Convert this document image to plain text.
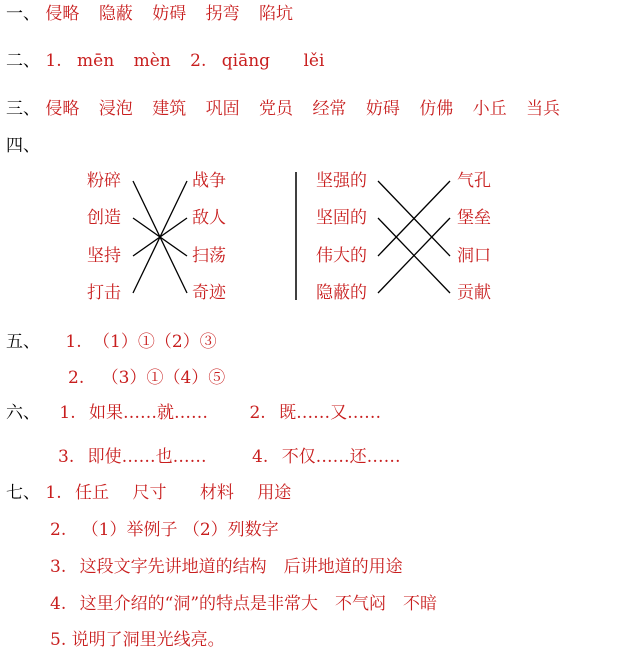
一、 侵略 隐蔽 妨碍 拐弯 陷坑
二、 1. mēn mèn 2. qiāng lěi
三、 侵略 浸泡 建筑 巩固 党员 经常 妨碍 仿佛 小丘 当兵
四、
粉碎
创造
坚持
打击
战争
敌人
扫荡
奇迹
坚强的
坚固的
伟大的
隐蔽的
气孔
堡垒
洞口
贡献
五、 1. （1）①（2）③
2. （3）①（4）⑤
六、 1. 如果……就…… 2. 既……又……
3. 即使……也……	4. 不仅……还……
七、 1. 任丘 尺寸 材料 用途
2. （1）举例子 （2）列数字
3. 这段文字先讲地道的结构　后讲地道的用途
4. 这里介绍的“洞”的特点是非常大　不气闷　不暗
5. 说明了洞里光线亮。
